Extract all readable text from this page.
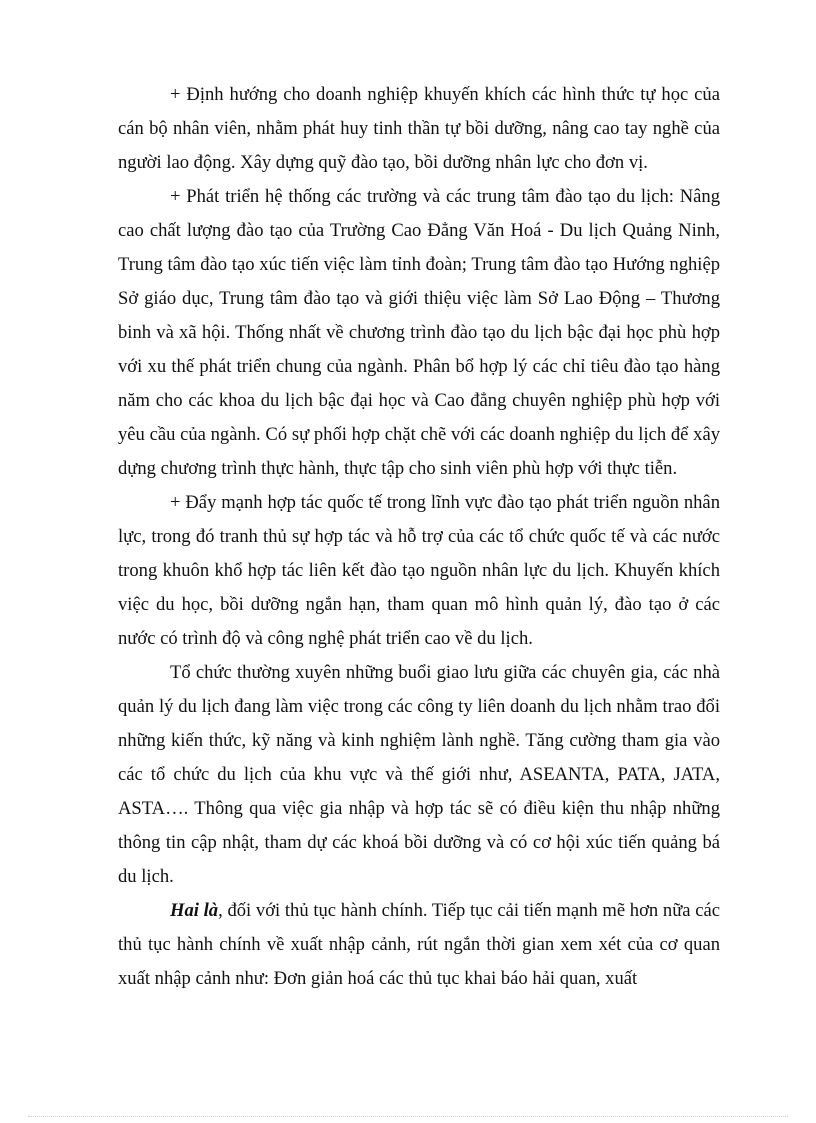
+ Định hướng cho doanh nghiệp khuyến khích các hình thức tự học của cán bộ nhân viên, nhằm phát huy tinh thần tự bồi dưỡng, nâng cao tay nghề của người lao động. Xây dựng quỹ đào tạo, bồi dưỡng nhân lực cho đơn vị.

+ Phát triển hệ thống các trường và các trung tâm đào tạo du lịch: Nâng cao chất lượng đào tạo của Trường Cao Đẳng Văn Hoá - Du lịch Quảng Ninh, Trung tâm đào tạo xúc tiến việc làm tỉnh đoàn; Trung tâm đào tạo Hướng nghiệp Sở giáo dục, Trung tâm đào tạo và giới thiệu việc làm Sở Lao Động – Thương binh và xã hội. Thống nhất về chương trình đào tạo du lịch bậc đại học phù hợp với xu thế phát triển chung của ngành. Phân bổ hợp lý các chỉ tiêu đào tạo hàng năm cho các khoa du lịch bậc đại học và Cao đẳng chuyên nghiệp phù hợp với yêu cầu của ngành. Có sự phối hợp chặt chẽ với các doanh nghiệp du lịch để xây dựng chương trình thực hành, thực tập cho sinh viên phù hợp với thực tiễn.

+ Đẩy mạnh hợp tác quốc tế trong lĩnh vực đào tạo phát triển nguồn nhân lực, trong đó tranh thủ sự hợp tác và hỗ trợ của các tổ chức quốc tế và các nước trong khuôn khổ hợp tác liên kết đào tạo nguồn nhân lực du lịch. Khuyến khích việc du học, bồi dưỡng ngắn hạn, tham quan mô hình quản lý, đào tạo ở các nước có trình độ và công nghệ phát triển cao về du lịch.

Tổ chức thường xuyên những buổi giao lưu giữa các chuyên gia, các nhà quản lý du lịch đang làm việc trong các công ty liên doanh du lịch nhằm trao đổi những kiến thức, kỹ năng và kinh nghiệm lành nghề. Tăng cường tham gia vào các tổ chức du lịch của khu vực và thế giới như, ASEANTA, PATA, JATA, ASTA…. Thông qua việc gia nhập và hợp tác sẽ có điều kiện thu nhập những thông tin cập nhật, tham dự các khoá bồi dưỡng và có cơ hội xúc tiến quảng bá du lịch.

Hai là, đối với thủ tục hành chính. Tiếp tục cải tiến mạnh mẽ hơn nữa các thủ tục hành chính về xuất nhập cảnh, rút ngắn thời gian xem xét của cơ quan xuất nhập cảnh như: Đơn giản hoá các thủ tục khai báo hải quan, xuất
